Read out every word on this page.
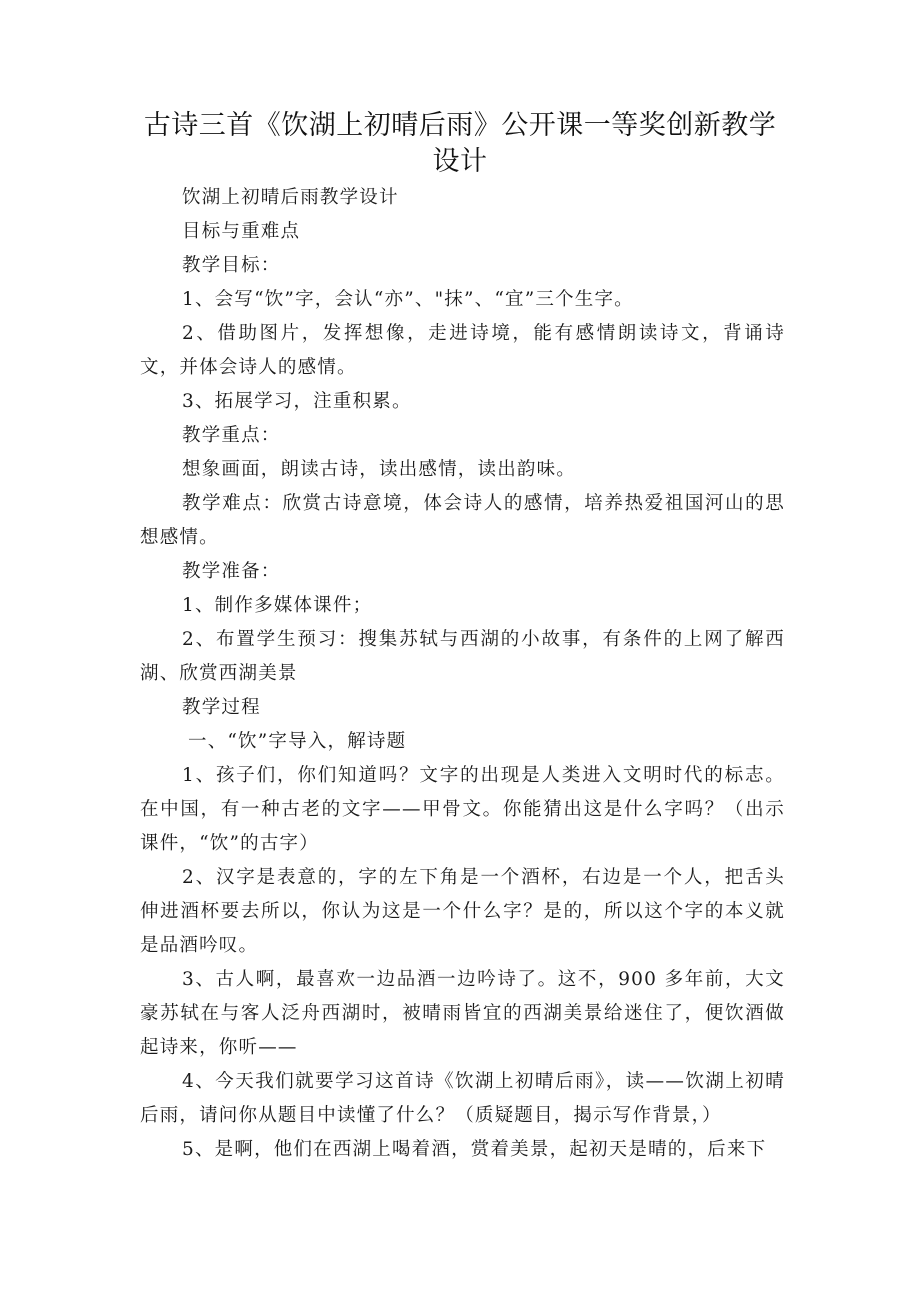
古诗三首《饮湖上初晴后雨》公开课一等奖创新教学设计

饮湖上初晴后雨教学设计

目标与重难点

教学目标：

1、会写“饮”字，会认“亦”、"抹”、“宜”三个生字。

2、借助图片，发挥想像，走进诗境，能有感情朗读诗文，背诵诗文，并体会诗人的感情。

3、拓展学习，注重积累。

教学重点：

想象画面，朗读古诗，读出感情，读出韵味。

教学难点：欣赏古诗意境，体会诗人的感情，培养热爱祖国河山的思想感情。

教学准备：

1、制作多媒体课件；

2、布置学生预习：搜集苏轼与西湖的小故事，有条件的上网了解西湖、欣赏西湖美景

教学过程

一、“饮”字导入，解诗题

1、孩子们，你们知道吗？文字的出现是人类进入文明时代的标志。在中国，有一种古老的文字——甲骨文。你能猜出这是什么字吗？（出示课件，“饮”的古字）

2、汉字是表意的，字的左下角是一个酒杯，右边是一个人，把舌头伸进酒杯要去所以，你认为这是一个什么字？是的，所以这个字的本义就是品酒吟叹。

3、古人啊，最喜欢一边品酒一边吟诗了。这不，900 多年前，大文豪苏轼在与客人泛舟西湖时，被晴雨皆宜的西湖美景给迷住了，便饮酒做起诗来，你听——

4、今天我们就要学习这首诗《饮湖上初晴后雨》，读——饮湖上初晴后雨，请问你从题目中读懂了什么？（质疑题目，揭示写作背景，）

5、是啊，他们在西湖上喝着酒，赏着美景，起初天是晴的，后来下
